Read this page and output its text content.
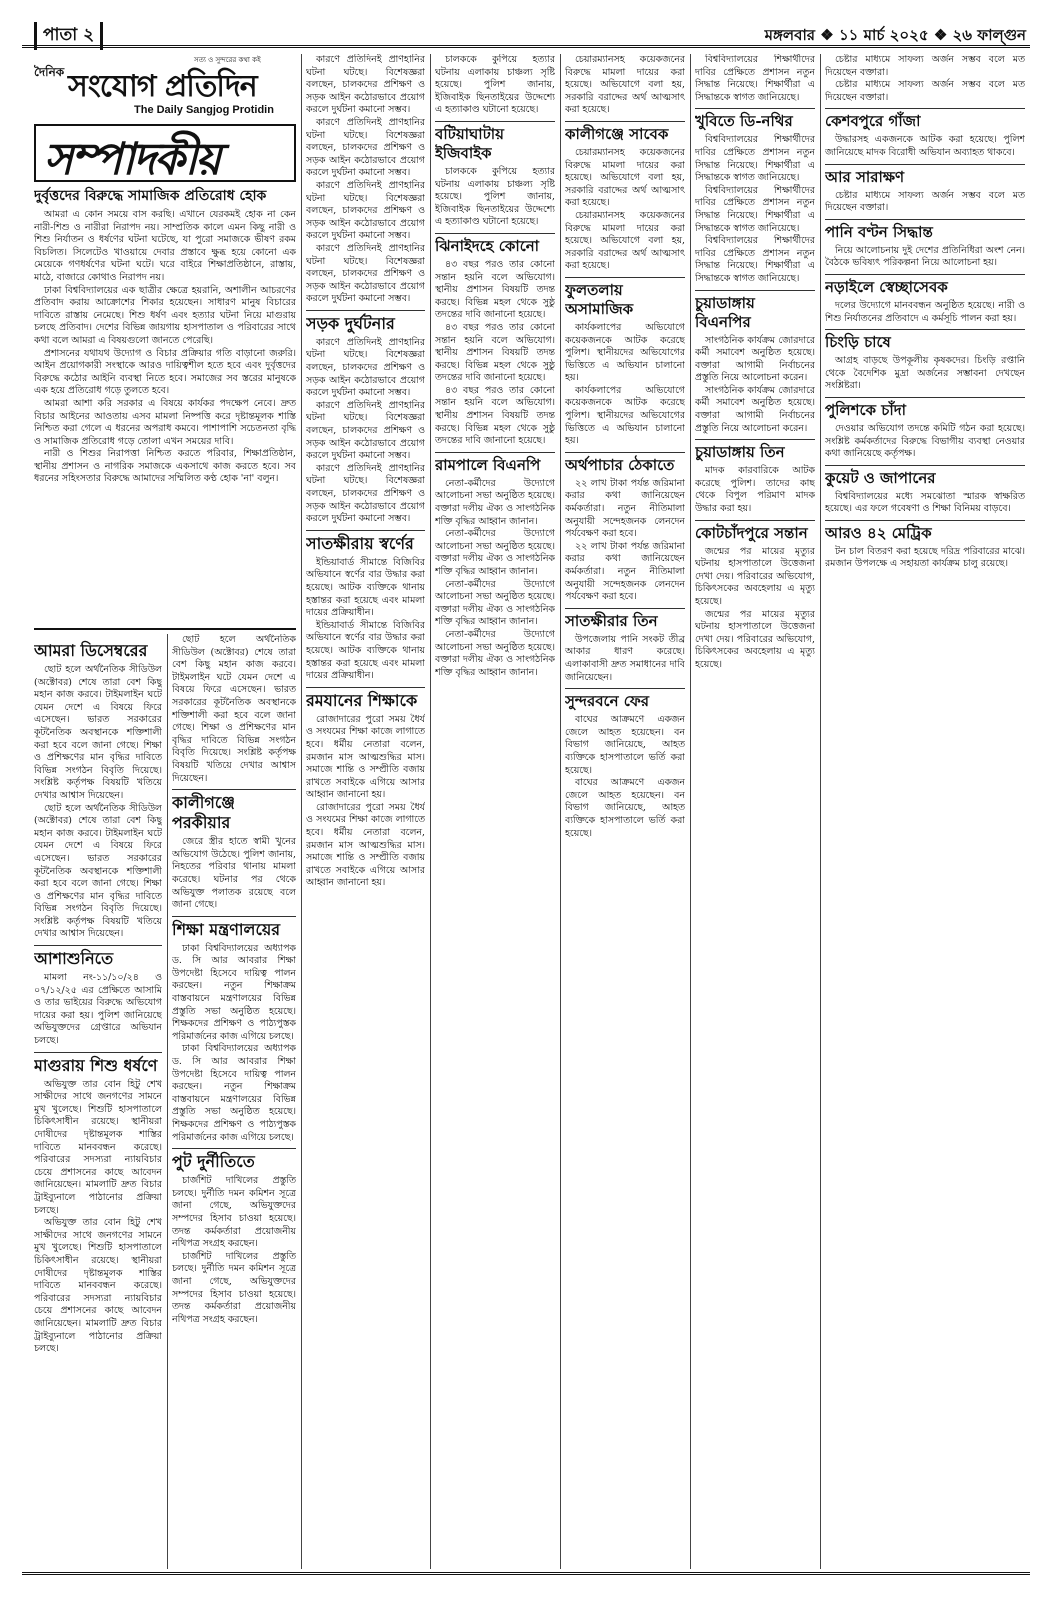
পাতা ২	মঙ্গলবার ❖ ১১ মার্চ ২০২৫ ❖ ২৬ ফাল্গুন
সত্য ও সুন্দরের কথা কই
দৈনিক সংযোগ প্রতিদিন
The Daily Sangjog Protidin
সম্পাদকীয়
দুর্বৃত্তদের বিরুদ্ধে সামাজিক প্রতিরোধ হোক

আমরা এ কোন সময়ে বাস করছি। এখানে যেরকমই হোক না কেন নারী-শিশু ও নারীরা নিরাপদ নয়। সাম্প্রতিক কালে এমন কিছু নারী ও শিশু নির্যাতন ও ধর্ষণের ঘটনা ঘটেছে, যা পুরো সমাজকে ভীষণ রকম বিচলিত। সিলেটেও খাওয়ায়ে দেবার প্রস্তাবে ক্ষুব্ধ হয়ে কোনো এক মেয়েকে গণধর্ষণের ঘটনা ঘটে। ঘরে বাইরে শিক্ষাপ্রতিষ্ঠানে, রাস্তায়, মাঠে, বাজারে কোথাও নিরাপদ নয়।

ঢাকা বিশ্ববিদ্যালয়ের এক ছাত্রীর ক্ষেত্রে হয়রানি, অশালীন আচরণের প্রতিবাদ করায় আক্রোশের শিকার হয়েছেন। সাধারণ মানুষ বিচারের দাবিতে রাস্তায় নেমেছে। শিশু ধর্ষণ এবং হত্যার ঘটনা নিয়ে মাগুরায় চলছে প্রতিবাদ। দেশের বিভিন্ন জায়গায় হাসপাতাল ও পরিবারের সাথে কথা বলে আমরা এ বিষয়গুলো জানতে পেরেছি।

প্রশাসনের যথাযথ উদ্যোগ ও বিচার প্রক্রিয়ার গতি বাড়ানো জরুরি। আইন প্রয়োগকারী সংস্থাকে আরও দায়িত্বশীল হতে হবে এবং দুর্বৃত্তদের বিরুদ্ধে কঠোর আইনি ব্যবস্থা নিতে হবে। সমাজের সব স্তরের মানুষকে এক হয়ে প্রতিরোধ গড়ে তুলতে হবে।

আমরা আশা করি সরকার এ বিষয়ে কার্যকর পদক্ষেপ নেবে। দ্রুত বিচার আইনের আওতায় এসব মামলা নিষ্পত্তি করে দৃষ্টান্তমূলক শাস্তি নিশ্চিত করা গেলে এ ধরনের অপরাধ কমবে। পাশাপাশি সচেতনতা বৃদ্ধি ও সামাজিক প্রতিরোধ গড়ে তোলা এখন সময়ের দাবি।

নারী ও শিশুর নিরাপত্তা নিশ্চিত করতে পরিবার, শিক্ষাপ্রতিষ্ঠান, স্থানীয় প্রশাসন ও নাগরিক সমাজকে একসাথে কাজ করতে হবে। সব ধরনের সহিংসতার বিরুদ্ধে আমাদের সম্মিলিত কণ্ঠ হোক 'না' বলুন।

আমরা ডিসেম্বরের

ছোট হলে অর্থনৈতিক সীডিউল (অক্টোবর) শেষে তারা বেশ কিছু মহান কাজ করবে। টাইমলাইন ঘটে যেমন দেশে এ বিষয়ে ফিরে এসেছেন। ভারত সরকারের কূটনৈতিক অবস্থানকে শক্তিশালী করা হবে বলে জানা গেছে। শিক্ষা ও প্রশিক্ষণের মান বৃদ্ধির দাবিতে বিভিন্ন সংগঠন বিবৃতি দিয়েছে। সংশ্লিষ্ট কর্তৃপক্ষ বিষয়টি খতিয়ে দেখার আশ্বাস দিয়েছেন।

ছোট হলে অর্থনৈতিক সীডিউল (অক্টোবর) শেষে তারা বেশ কিছু মহান কাজ করবে। টাইমলাইন ঘটে যেমন দেশে এ বিষয়ে ফিরে এসেছেন। ভারত সরকারের কূটনৈতিক অবস্থানকে শক্তিশালী করা হবে বলে জানা গেছে। শিক্ষা ও প্রশিক্ষণের মান বৃদ্ধির দাবিতে বিভিন্ন সংগঠন বিবৃতি দিয়েছে। সংশ্লিষ্ট কর্তৃপক্ষ বিষয়টি খতিয়ে দেখার আশ্বাস দিয়েছেন।

আশাশুনিতে

মামলা নং-১১/১০/২৪ ও ০৭/১২/২৫ এর প্রেক্ষিতে আসামি ও তার ভাইয়ের বিরুদ্ধে অভিযোগ দায়ের করা হয়। পুলিশ জানিয়েছে অভিযুক্তদের গ্রেপ্তারে অভিযান চলছে।

মাগুরায় শিশু ধর্ষণে

অভিযুক্ত তার বোন হিটু শেখ সাক্ষীদের সাথে জনগণের সামনে মুখ খুলেছে। শিশুটি হাসপাতালে চিকিৎসাধীন রয়েছে। স্থানীয়রা দোষীদের দৃষ্টান্তমূলক শাস্তির দাবিতে মানববন্ধন করেছে। পরিবারের সদস্যরা ন্যায়বিচার চেয়ে প্রশাসনের কাছে আবেদন জানিয়েছেন। মামলাটি দ্রুত বিচার ট্রাইব্যুনালে পাঠানোর প্রক্রিয়া চলছে।

অভিযুক্ত তার বোন হিটু শেখ সাক্ষীদের সাথে জনগণের সামনে মুখ খুলেছে। শিশুটি হাসপাতালে চিকিৎসাধীন রয়েছে। স্থানীয়রা দোষীদের দৃষ্টান্তমূলক শাস্তির দাবিতে মানববন্ধন করেছে। পরিবারের সদস্যরা ন্যায়বিচার চেয়ে প্রশাসনের কাছে আবেদন জানিয়েছেন। মামলাটি দ্রুত বিচার ট্রাইব্যুনালে পাঠানোর প্রক্রিয়া চলছে।

ছোট হলে অর্থনৈতিক সীডিউল (অক্টোবর) শেষে তারা বেশ কিছু মহান কাজ করবে। টাইমলাইন ঘটে যেমন দেশে এ বিষয়ে ফিরে এসেছেন। ভারত সরকারের কূটনৈতিক অবস্থানকে শক্তিশালী করা হবে বলে জানা গেছে। শিক্ষা ও প্রশিক্ষণের মান বৃদ্ধির দাবিতে বিভিন্ন সংগঠন বিবৃতি দিয়েছে। সংশ্লিষ্ট কর্তৃপক্ষ বিষয়টি খতিয়ে দেখার আশ্বাস দিয়েছেন।

কালীগঞ্জে পরকীয়ার

জেরে স্ত্রীর হাতে স্বামী খুনের অভিযোগ উঠেছে। পুলিশ জানায়, নিহতের পরিবার থানায় মামলা করেছে। ঘটনার পর থেকে অভিযুক্ত পলাতক রয়েছে বলে জানা গেছে।

শিক্ষা মন্ত্রণালয়ের

ঢাকা বিশ্ববিদ্যালয়ের অধ্যাপক ড. সি আর আবরার শিক্ষা উপদেষ্টা হিসেবে দায়িত্ব পালন করছেন। নতুন শিক্ষাক্রম বাস্তবায়নে মন্ত্রণালয়ের বিভিন্ন প্রস্তুতি সভা অনুষ্ঠিত হয়েছে। শিক্ষকদের প্রশিক্ষণ ও পাঠ্যপুস্তক পরিমার্জনের কাজ এগিয়ে চলছে।

ঢাকা বিশ্ববিদ্যালয়ের অধ্যাপক ড. সি আর আবরার শিক্ষা উপদেষ্টা হিসেবে দায়িত্ব পালন করছেন। নতুন শিক্ষাক্রম বাস্তবায়নে মন্ত্রণালয়ের বিভিন্ন প্রস্তুতি সভা অনুষ্ঠিত হয়েছে। শিক্ষকদের প্রশিক্ষণ ও পাঠ্যপুস্তক পরিমার্জনের কাজ এগিয়ে চলছে।

পুট দুর্নীতিতে

চার্জশিট দাখিলের প্রস্তুতি চলছে। দুর্নীতি দমন কমিশন সূত্রে জানা গেছে, অভিযুক্তদের সম্পদের হিসাব চাওয়া হয়েছে। তদন্ত কর্মকর্তারা প্রয়োজনীয় নথিপত্র সংগ্রহ করছেন।

চার্জশিট দাখিলের প্রস্তুতি চলছে। দুর্নীতি দমন কমিশন সূত্রে জানা গেছে, অভিযুক্তদের সম্পদের হিসাব চাওয়া হয়েছে। তদন্ত কর্মকর্তারা প্রয়োজনীয় নথিপত্র সংগ্রহ করছেন।

কারণে প্রতিদিনই প্রাণহানির ঘটনা ঘটছে। বিশেষজ্ঞরা বলছেন, চালকদের প্রশিক্ষণ ও সড়ক আইন কঠোরভাবে প্রয়োগ করলে দুর্ঘটনা কমানো সম্ভব।

কারণে প্রতিদিনই প্রাণহানির ঘটনা ঘটছে। বিশেষজ্ঞরা বলছেন, চালকদের প্রশিক্ষণ ও সড়ক আইন কঠোরভাবে প্রয়োগ করলে দুর্ঘটনা কমানো সম্ভব।

কারণে প্রতিদিনই প্রাণহানির ঘটনা ঘটছে। বিশেষজ্ঞরা বলছেন, চালকদের প্রশিক্ষণ ও সড়ক আইন কঠোরভাবে প্রয়োগ করলে দুর্ঘটনা কমানো সম্ভব।

কারণে প্রতিদিনই প্রাণহানির ঘটনা ঘটছে। বিশেষজ্ঞরা বলছেন, চালকদের প্রশিক্ষণ ও সড়ক আইন কঠোরভাবে প্রয়োগ করলে দুর্ঘটনা কমানো সম্ভব।

সড়ক দুর্ঘটনার

কারণে প্রতিদিনই প্রাণহানির ঘটনা ঘটছে। বিশেষজ্ঞরা বলছেন, চালকদের প্রশিক্ষণ ও সড়ক আইন কঠোরভাবে প্রয়োগ করলে দুর্ঘটনা কমানো সম্ভব।

কারণে প্রতিদিনই প্রাণহানির ঘটনা ঘটছে। বিশেষজ্ঞরা বলছেন, চালকদের প্রশিক্ষণ ও সড়ক আইন কঠোরভাবে প্রয়োগ করলে দুর্ঘটনা কমানো সম্ভব।

কারণে প্রতিদিনই প্রাণহানির ঘটনা ঘটছে। বিশেষজ্ঞরা বলছেন, চালকদের প্রশিক্ষণ ও সড়ক আইন কঠোরভাবে প্রয়োগ করলে দুর্ঘটনা কমানো সম্ভব।

সাতক্ষীরায় স্বর্ণের

ইন্ডিয়াবার্ড সীমান্তে বিজিবির অভিযানে স্বর্ণের বার উদ্ধার করা হয়েছে। আটক ব্যক্তিকে থানায় হস্তান্তর করা হয়েছে এবং মামলা দায়ের প্রক্রিয়াধীন।

ইন্ডিয়াবার্ড সীমান্তে বিজিবির অভিযানে স্বর্ণের বার উদ্ধার করা হয়েছে। আটক ব্যক্তিকে থানায় হস্তান্তর করা হয়েছে এবং মামলা দায়ের প্রক্রিয়াধীন।

রমযানের শিক্ষাকে

রোজাদারের পুরো সময় ধৈর্য ও সংযমের শিক্ষা কাজে লাগাতে হবে। ধর্মীয় নেতারা বলেন, রমজান মাস আত্মশুদ্ধির মাস। সমাজে শান্তি ও সম্প্রীতি বজায় রাখতে সবাইকে এগিয়ে আসার আহ্বান জানানো হয়।

রোজাদারের পুরো সময় ধৈর্য ও সংযমের শিক্ষা কাজে লাগাতে হবে। ধর্মীয় নেতারা বলেন, রমজান মাস আত্মশুদ্ধির মাস। সমাজে শান্তি ও সম্প্রীতি বজায় রাখতে সবাইকে এগিয়ে আসার আহ্বান জানানো হয়।

চালককে কুপিয়ে হত্যার ঘটনায় এলাকায় চাঞ্চল্য সৃষ্টি হয়েছে। পুলিশ জানায়, ইজিবাইক ছিনতাইয়ের উদ্দেশ্যে এ হত্যাকাণ্ড ঘটানো হয়েছে।

বটিয়াঘাটায় ইজিবাইক

চালককে কুপিয়ে হত্যার ঘটনায় এলাকায় চাঞ্চল্য সৃষ্টি হয়েছে। পুলিশ জানায়, ইজিবাইক ছিনতাইয়ের উদ্দেশ্যে এ হত্যাকাণ্ড ঘটানো হয়েছে।

ঝিনাইদহে কোনো

৪৩ বছর পরও তার কোনো সন্তান হয়নি বলে অভিযোগ। স্থানীয় প্রশাসন বিষয়টি তদন্ত করছে। বিভিন্ন মহল থেকে সুষ্ঠু তদন্তের দাবি জানানো হয়েছে।

৪৩ বছর পরও তার কোনো সন্তান হয়নি বলে অভিযোগ। স্থানীয় প্রশাসন বিষয়টি তদন্ত করছে। বিভিন্ন মহল থেকে সুষ্ঠু তদন্তের দাবি জানানো হয়েছে।

৪৩ বছর পরও তার কোনো সন্তান হয়নি বলে অভিযোগ। স্থানীয় প্রশাসন বিষয়টি তদন্ত করছে। বিভিন্ন মহল থেকে সুষ্ঠু তদন্তের দাবি জানানো হয়েছে।

রামপালে বিএনপি

নেতা-কর্মীদের উদ্যোগে আলোচনা সভা অনুষ্ঠিত হয়েছে। বক্তারা দলীয় ঐক্য ও সাংগঠনিক শক্তি বৃদ্ধির আহ্বান জানান।

নেতা-কর্মীদের উদ্যোগে আলোচনা সভা অনুষ্ঠিত হয়েছে। বক্তারা দলীয় ঐক্য ও সাংগঠনিক শক্তি বৃদ্ধির আহ্বান জানান।

নেতা-কর্মীদের উদ্যোগে আলোচনা সভা অনুষ্ঠিত হয়েছে। বক্তারা দলীয় ঐক্য ও সাংগঠনিক শক্তি বৃদ্ধির আহ্বান জানান।

নেতা-কর্মীদের উদ্যোগে আলোচনা সভা অনুষ্ঠিত হয়েছে। বক্তারা দলীয় ঐক্য ও সাংগঠনিক শক্তি বৃদ্ধির আহ্বান জানান।

চেয়ারম্যানসহ কয়েকজনের বিরুদ্ধে মামলা দায়ের করা হয়েছে। অভিযোগে বলা হয়, সরকারি বরাদ্দের অর্থ আত্মসাৎ করা হয়েছে।

কালীগঞ্জে সাবেক

চেয়ারম্যানসহ কয়েকজনের বিরুদ্ধে মামলা দায়ের করা হয়েছে। অভিযোগে বলা হয়, সরকারি বরাদ্দের অর্থ আত্মসাৎ করা হয়েছে।

চেয়ারম্যানসহ কয়েকজনের বিরুদ্ধে মামলা দায়ের করা হয়েছে। অভিযোগে বলা হয়, সরকারি বরাদ্দের অর্থ আত্মসাৎ করা হয়েছে।

ফুলতলায় অসামাজিক

কার্যকলাপের অভিযোগে কয়েকজনকে আটক করেছে পুলিশ। স্থানীয়দের অভিযোগের ভিত্তিতে এ অভিযান চালানো হয়।

কার্যকলাপের অভিযোগে কয়েকজনকে আটক করেছে পুলিশ। স্থানীয়দের অভিযোগের ভিত্তিতে এ অভিযান চালানো হয়।

অর্থপাচার ঠেকাতে

২২ লাখ টাকা পর্যন্ত জরিমানা করার কথা জানিয়েছেন কর্মকর্তারা। নতুন নীতিমালা অনুযায়ী সন্দেহজনক লেনদেন পর্যবেক্ষণ করা হবে।

২২ লাখ টাকা পর্যন্ত জরিমানা করার কথা জানিয়েছেন কর্মকর্তারা। নতুন নীতিমালা অনুযায়ী সন্দেহজনক লেনদেন পর্যবেক্ষণ করা হবে।

সাতক্ষীরার তিন

উপজেলায় পানি সংকট তীব্র আকার ধারণ করেছে। এলাকাবাসী দ্রুত সমাধানের দাবি জানিয়েছেন।

সুন্দরবনে ফের

বাঘের আক্রমণে একজন জেলে আহত হয়েছেন। বন বিভাগ জানিয়েছে, আহত ব্যক্তিকে হাসপাতালে ভর্তি করা হয়েছে।

বাঘের আক্রমণে একজন জেলে আহত হয়েছেন। বন বিভাগ জানিয়েছে, আহত ব্যক্তিকে হাসপাতালে ভর্তি করা হয়েছে।

বিশ্ববিদ্যালয়ের শিক্ষার্থীদের দাবির প্রেক্ষিতে প্রশাসন নতুন সিদ্ধান্ত নিয়েছে। শিক্ষার্থীরা এ সিদ্ধান্তকে স্বাগত জানিয়েছে।

খুবিতে ডি-নথির

বিশ্ববিদ্যালয়ের শিক্ষার্থীদের দাবির প্রেক্ষিতে প্রশাসন নতুন সিদ্ধান্ত নিয়েছে। শিক্ষার্থীরা এ সিদ্ধান্তকে স্বাগত জানিয়েছে।

বিশ্ববিদ্যালয়ের শিক্ষার্থীদের দাবির প্রেক্ষিতে প্রশাসন নতুন সিদ্ধান্ত নিয়েছে। শিক্ষার্থীরা এ সিদ্ধান্তকে স্বাগত জানিয়েছে।

বিশ্ববিদ্যালয়ের শিক্ষার্থীদের দাবির প্রেক্ষিতে প্রশাসন নতুন সিদ্ধান্ত নিয়েছে। শিক্ষার্থীরা এ সিদ্ধান্তকে স্বাগত জানিয়েছে।

চুয়াডাঙ্গায় বিএনপির

সাংগঠনিক কার্যক্রম জোরদারে কর্মী সমাবেশ অনুষ্ঠিত হয়েছে। বক্তারা আগামী নির্বাচনের প্রস্তুতি নিয়ে আলোচনা করেন।

সাংগঠনিক কার্যক্রম জোরদারে কর্মী সমাবেশ অনুষ্ঠিত হয়েছে। বক্তারা আগামী নির্বাচনের প্রস্তুতি নিয়ে আলোচনা করেন।

চুয়াডাঙ্গায় তিন

মাদক কারবারিকে আটক করেছে পুলিশ। তাদের কাছ থেকে বিপুল পরিমাণ মাদক উদ্ধার করা হয়।

কোটচাঁদপুরে সন্তান

জন্মের পর মায়ের মৃত্যুর ঘটনায় হাসপাতালে উত্তেজনা দেখা দেয়। পরিবারের অভিযোগ, চিকিৎসকের অবহেলায় এ মৃত্যু হয়েছে।

জন্মের পর মায়ের মৃত্যুর ঘটনায় হাসপাতালে উত্তেজনা দেখা দেয়। পরিবারের অভিযোগ, চিকিৎসকের অবহেলায় এ মৃত্যু হয়েছে।

চেষ্টার মাধ্যমে সাফল্য অর্জন সম্ভব বলে মত দিয়েছেন বক্তারা।

চেষ্টার মাধ্যমে সাফল্য অর্জন সম্ভব বলে মত দিয়েছেন বক্তারা।

কেশবপুরে গাঁজা

উদ্ধারসহ একজনকে আটক করা হয়েছে। পুলিশ জানিয়েছে মাদক বিরোধী অভিযান অব্যাহত থাকবে।

আর সারাক্ষণ

চেষ্টার মাধ্যমে সাফল্য অর্জন সম্ভব বলে মত দিয়েছেন বক্তারা।

পানি বণ্টন সিদ্ধান্ত

নিয়ে আলোচনায় দুই দেশের প্রতিনিধিরা অংশ নেন। বৈঠকে ভবিষ্যৎ পরিকল্পনা নিয়ে আলোচনা হয়।

নড়াইলে স্বেচ্ছাসেবক

দলের উদ্যোগে মানববন্ধন অনুষ্ঠিত হয়েছে। নারী ও শিশু নির্যাতনের প্রতিবাদে এ কর্মসূচি পালন করা হয়।

চিংড়ি চাষে

আগ্রহ বাড়ছে উপকূলীয় কৃষকদের। চিংড়ি রপ্তানি থেকে বৈদেশিক মুদ্রা অর্জনের সম্ভাবনা দেখছেন সংশ্লিষ্টরা।

পুলিশকে চাঁদা

দেওয়ার অভিযোগ তদন্তে কমিটি গঠন করা হয়েছে। সংশ্লিষ্ট কর্মকর্তাদের বিরুদ্ধে বিভাগীয় ব্যবস্থা নেওয়ার কথা জানিয়েছে কর্তৃপক্ষ।

কুয়েট ও জাপানের

বিশ্ববিদ্যালয়ের মধ্যে সমঝোতা স্মারক স্বাক্ষরিত হয়েছে। এর ফলে গবেষণা ও শিক্ষা বিনিময় বাড়বে।

আরও ৪২ মেট্রিক

টন চাল বিতরণ করা হয়েছে দরিদ্র পরিবারের মাঝে। রমজান উপলক্ষে এ সহায়তা কার্যক্রম চালু রয়েছে।
